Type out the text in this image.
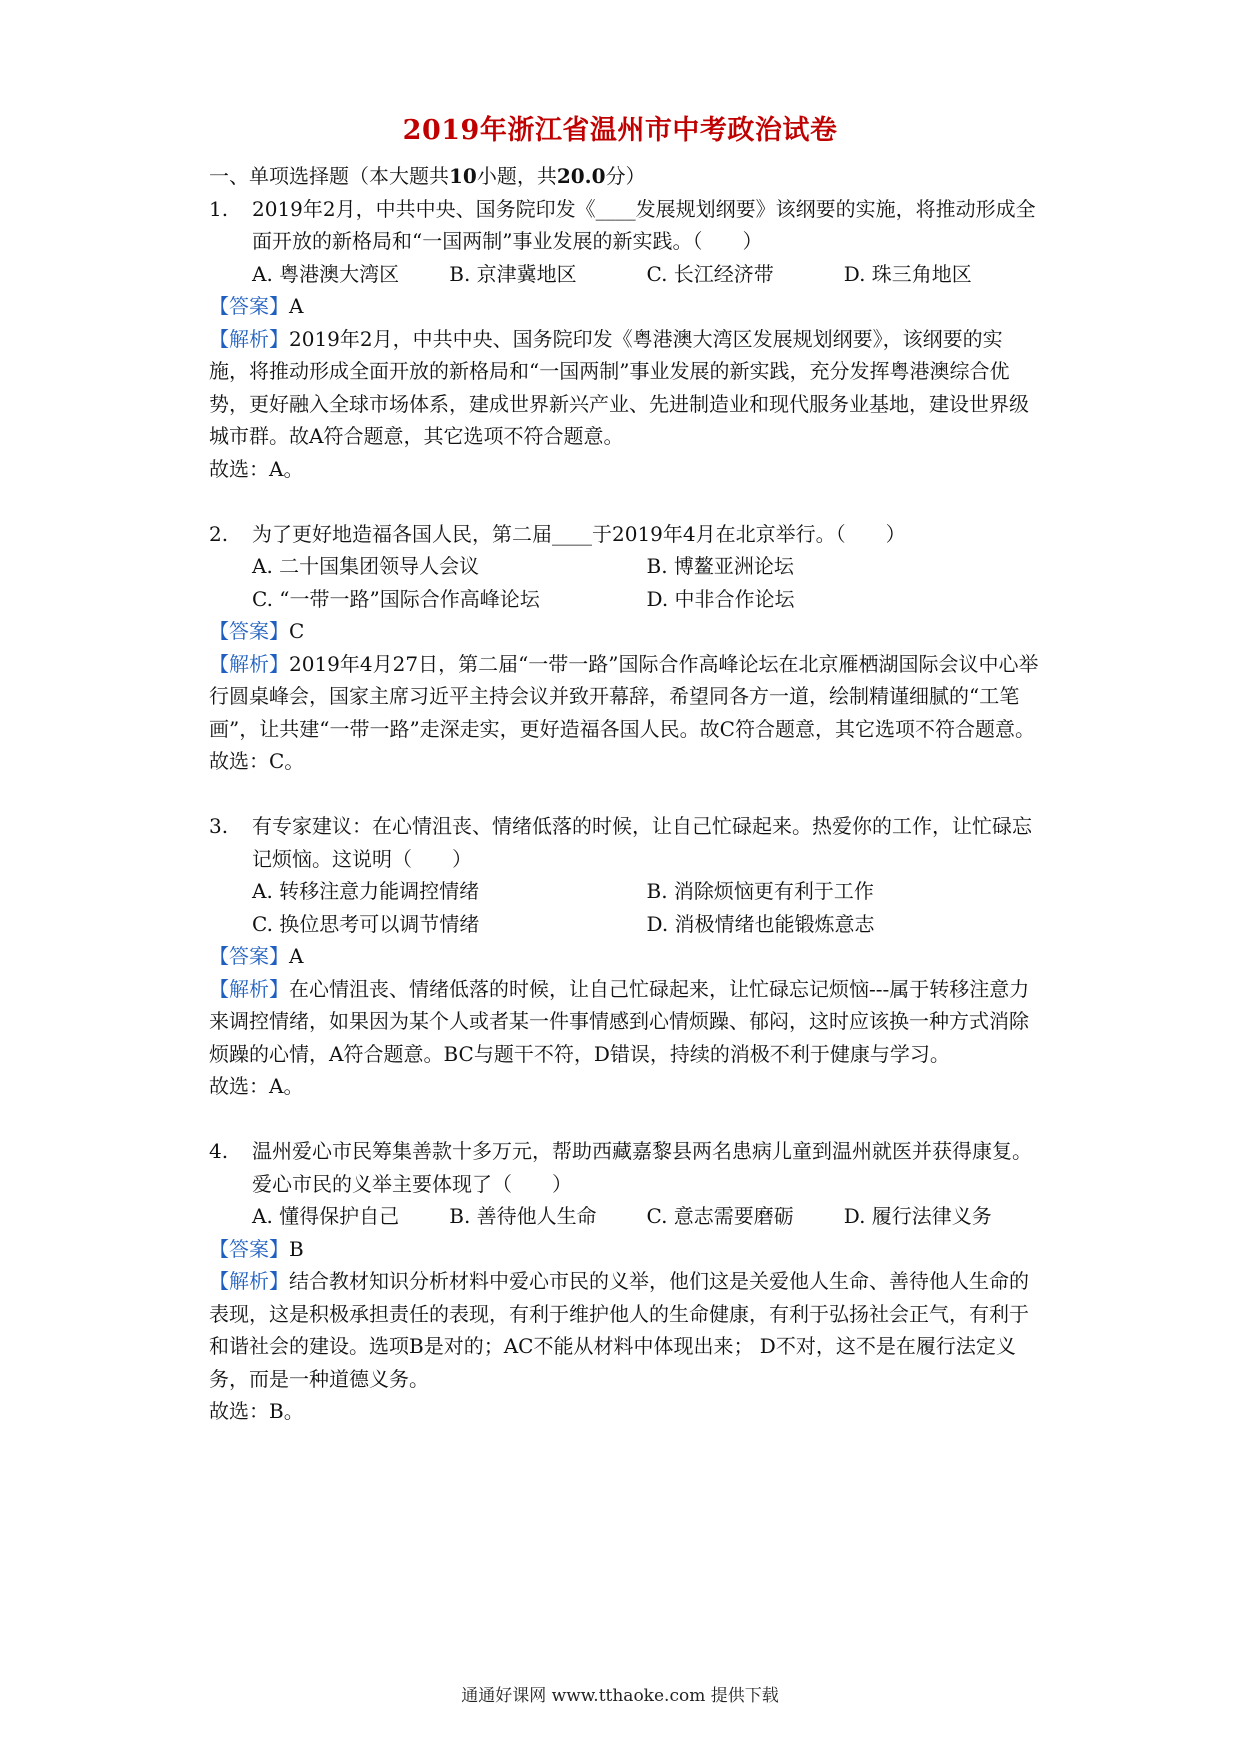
2019年浙江省温州市中考政治试卷
一、单项选择题（本大题共10小题，共20.0分）
1.	2019年2月，中共中央、国务院印发《____发展规划纲要》该纲要的实施，将推动形成全面开放的新格局和“一国两制”事业发展的新实践。（　　）
A. 粤港澳大湾区	B. 京津冀地区	C. 长江经济带	D. 珠三角地区
【答案】A
【解析】2019年2月，中共中央、国务院印发《粤港澳大湾区发展规划纲要》，该纲要的实施，将推动形成全面开放的新格局和“一国两制”事业发展的新实践，充分发挥粤港澳综合优势，更好融入全球市场体系，建成世界新兴产业、先进制造业和现代服务业基地，建设世界级城市群。故A符合题意，其它选项不符合题意。
故选：A。
2.	为了更好地造福各国人民，第二届____于2019年4月在北京举行。（　　）
A. 二十国集团领导人会议	B. 博鳌亚洲论坛
C. “一带一路”国际合作高峰论坛	D. 中非合作论坛
【答案】C
【解析】2019年4月27日，第二届“一带一路”国际合作高峰论坛在北京雁栖湖国际会议中心举行圆桌峰会，国家主席习近平主持会议并致开幕辞，希望同各方一道，绘制精谨细腻的“工笔画”，让共建“一带一路”走深走实，更好造福各国人民。故C符合题意，其它选项不符合题意。
故选：C。
3.	有专家建议：在心情沮丧、情绪低落的时候，让自己忙碌起来。热爱你的工作，让忙碌忘记烦恼。这说明（　　）
A. 转移注意力能调控情绪	B. 消除烦恼更有利于工作
C. 换位思考可以调节情绪	D. 消极情绪也能锻炼意志
【答案】A
【解析】在心情沮丧、情绪低落的时候，让自己忙碌起来，让忙碌忘记烦恼---属于转移注意力来调控情绪，如果因为某个人或者某一件事情感到心情烦躁、郁闷，这时应该换一种方式消除烦躁的心情，A符合题意。BC与题干不符，D错误，持续的消极不利于健康与学习。
故选：A。
4.	温州爱心市民筹集善款十多万元，帮助西藏嘉黎县两名患病儿童到温州就医并获得康复。爱心市民的义举主要体现了（　　）
A. 懂得保护自己	B. 善待他人生命	C. 意志需要磨砺	D. 履行法律义务
【答案】B
【解析】结合教材知识分析材料中爱心市民的义举，他们这是关爱他人生命、善待他人生命的表现，这是积极承担责任的表现，有利于维护他人的生命健康，有利于弘扬社会正气，有利于和谐社会的建设。选项B是对的；AC不能从材料中体现出来； D不对，这不是在履行法定义务，而是一种道德义务。
故选：B。
通通好课网 www.tthaoke.com 提供下载
